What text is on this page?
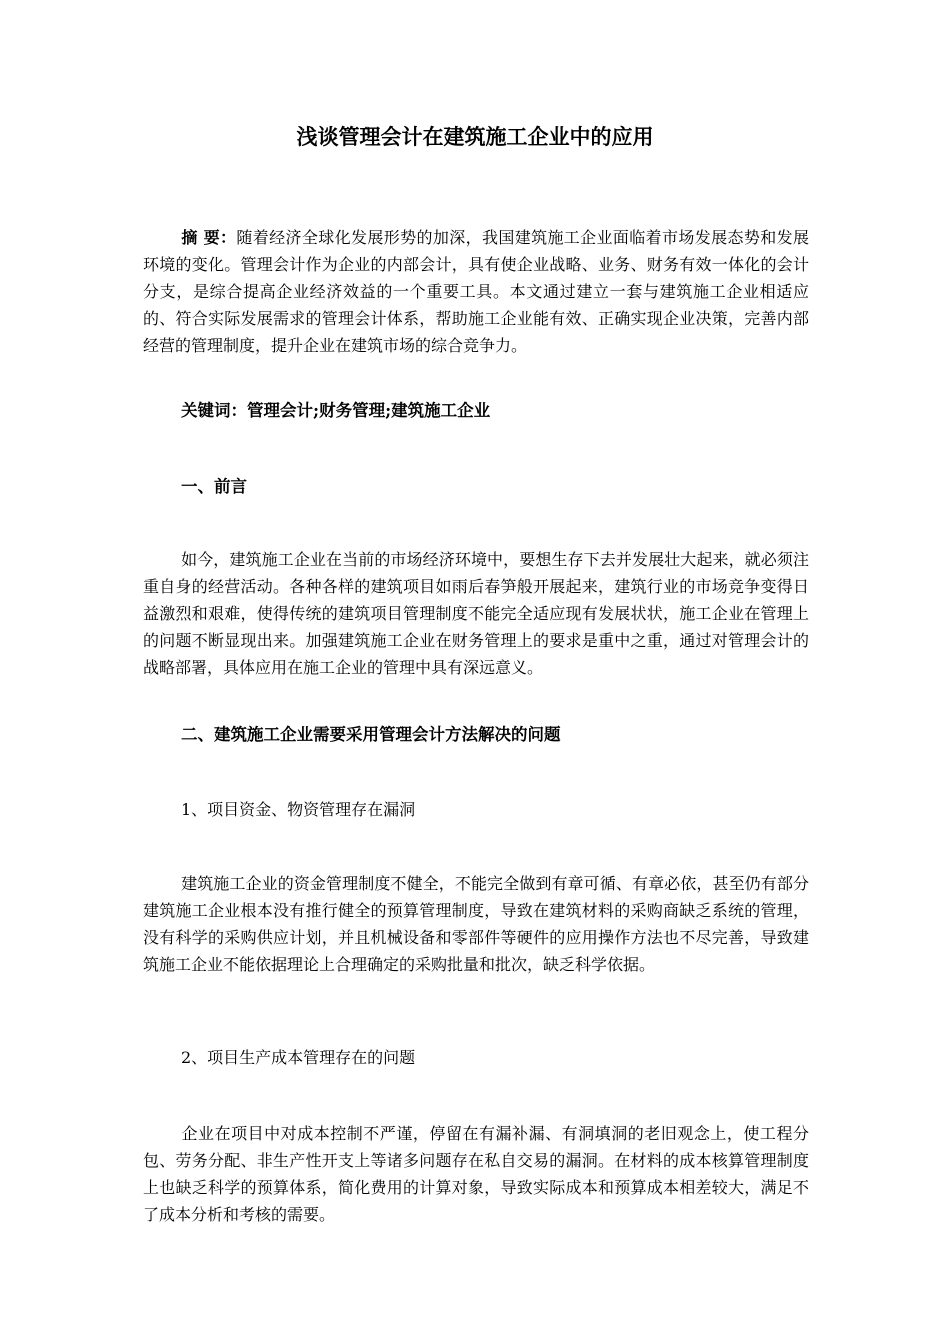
浅谈管理会计在建筑施工企业中的应用

摘 要：随着经济全球化发展形势的加深，我国建筑施工企业面临着市场发展态势和发展环境的变化。管理会计作为企业的内部会计，具有使企业战略、业务、财务有效一体化的会计分支，是综合提高企业经济效益的一个重要工具。本文通过建立一套与建筑施工企业相适应的、符合实际发展需求的管理会计体系，帮助施工企业能有效、正确实现企业决策，完善内部经营的管理制度，提升企业在建筑市场的综合竞争力。

关键词：管理会计;财务管理;建筑施工企业
一、前言

如今，建筑施工企业在当前的市场经济环境中，要想生存下去并发展壮大起来，就必须注重自身的经营活动。各种各样的建筑项目如雨后春笋般开展起来，建筑行业的市场竞争变得日益激烈和艰难，使得传统的建筑项目管理制度不能完全适应现有发展状状，施工企业在管理上的问题不断显现出来。加强建筑施工企业在财务管理上的要求是重中之重，通过对管理会计的战略部署，具体应用在施工企业的管理中具有深远意义。

二、建筑施工企业需要采用管理会计方法解决的问题
1、项目资金、物资管理存在漏洞

建筑施工企业的资金管理制度不健全，不能完全做到有章可循、有章必依，甚至仍有部分建筑施工企业根本没有推行健全的预算管理制度，导致在建筑材料的采购商缺乏系统的管理，没有科学的采购供应计划，并且机械设备和零部件等硬件的应用操作方法也不尽完善，导致建筑施工企业不能依据理论上合理确定的采购批量和批次，缺乏科学依据。

2、项目生产成本管理存在的问题

企业在项目中对成本控制不严谨，停留在有漏补漏、有洞填洞的老旧观念上，使工程分包、劳务分配、非生产性开支上等诸多问题存在私自交易的漏洞。在材料的成本核算管理制度上也缺乏科学的预算体系，简化费用的计算对象，导致实际成本和预算成本相差较大，满足不了成本分析和考核的需要。
